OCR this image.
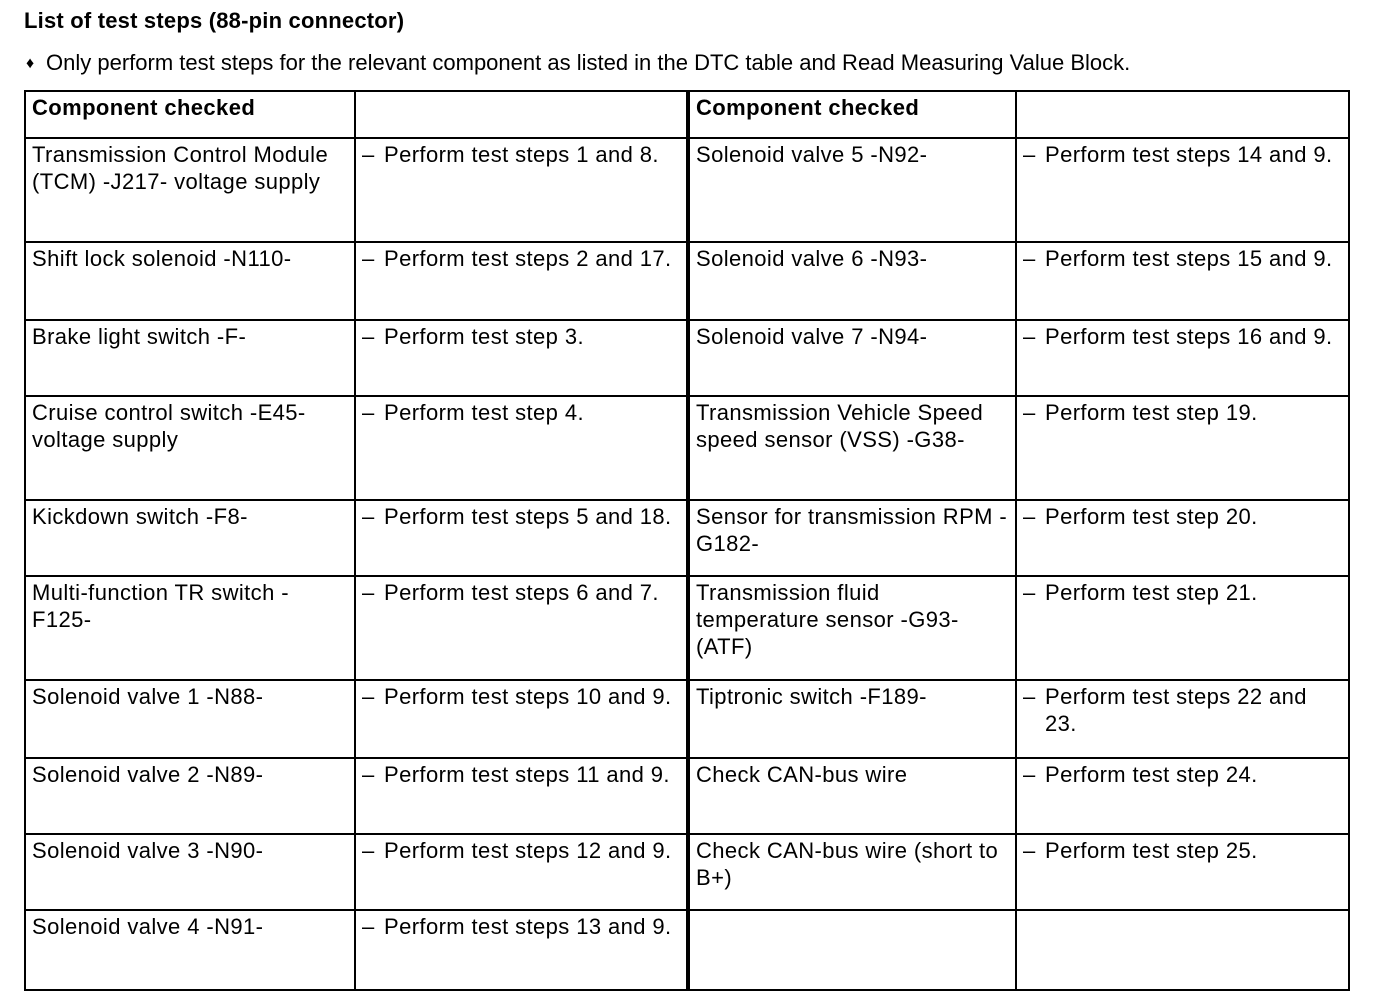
List of test steps (88-pin connector)
♦ Only perform test steps for the relevant component as listed in the DTC table and Read Measuring Value Block.
Component checked		Component checked	
Transmission Control Module (TCM) -J217- voltage supply	– Perform test steps 1 and 8.	Solenoid valve 5 -N92-	– Perform test steps 14 and 9.
Shift lock solenoid -N110-	– Perform test steps 2 and 17.	Solenoid valve 6 -N93-	– Perform test steps 15 and 9.
Brake light switch -F-	– Perform test step 3.	Solenoid valve 7 -N94-	– Perform test steps 16 and 9.
Cruise control switch -E45- voltage supply	– Perform test step 4.	Transmission Vehicle Speed speed sensor (VSS) -G38-	– Perform test step 19.
Kickdown switch -F8-	– Perform test steps 5 and 18.	Sensor for transmission RPM -G182-	– Perform test step 20.
Multi-function TR switch -F125-	– Perform test steps 6 and 7.	Transmission fluid temperature sensor -G93- (ATF)	– Perform test step 21.
Solenoid valve 1 -N88-	– Perform test steps 10 and 9.	Tiptronic switch -F189-	– Perform test steps 22 and 23.
Solenoid valve 2 -N89-	– Perform test steps 11 and 9.	Check CAN-bus wire	– Perform test step 24.
Solenoid valve 3 -N90-	– Perform test steps 12 and 9.	Check CAN-bus wire (short to B+)	– Perform test step 25.
Solenoid valve 4 -N91-	– Perform test steps 13 and 9.		
